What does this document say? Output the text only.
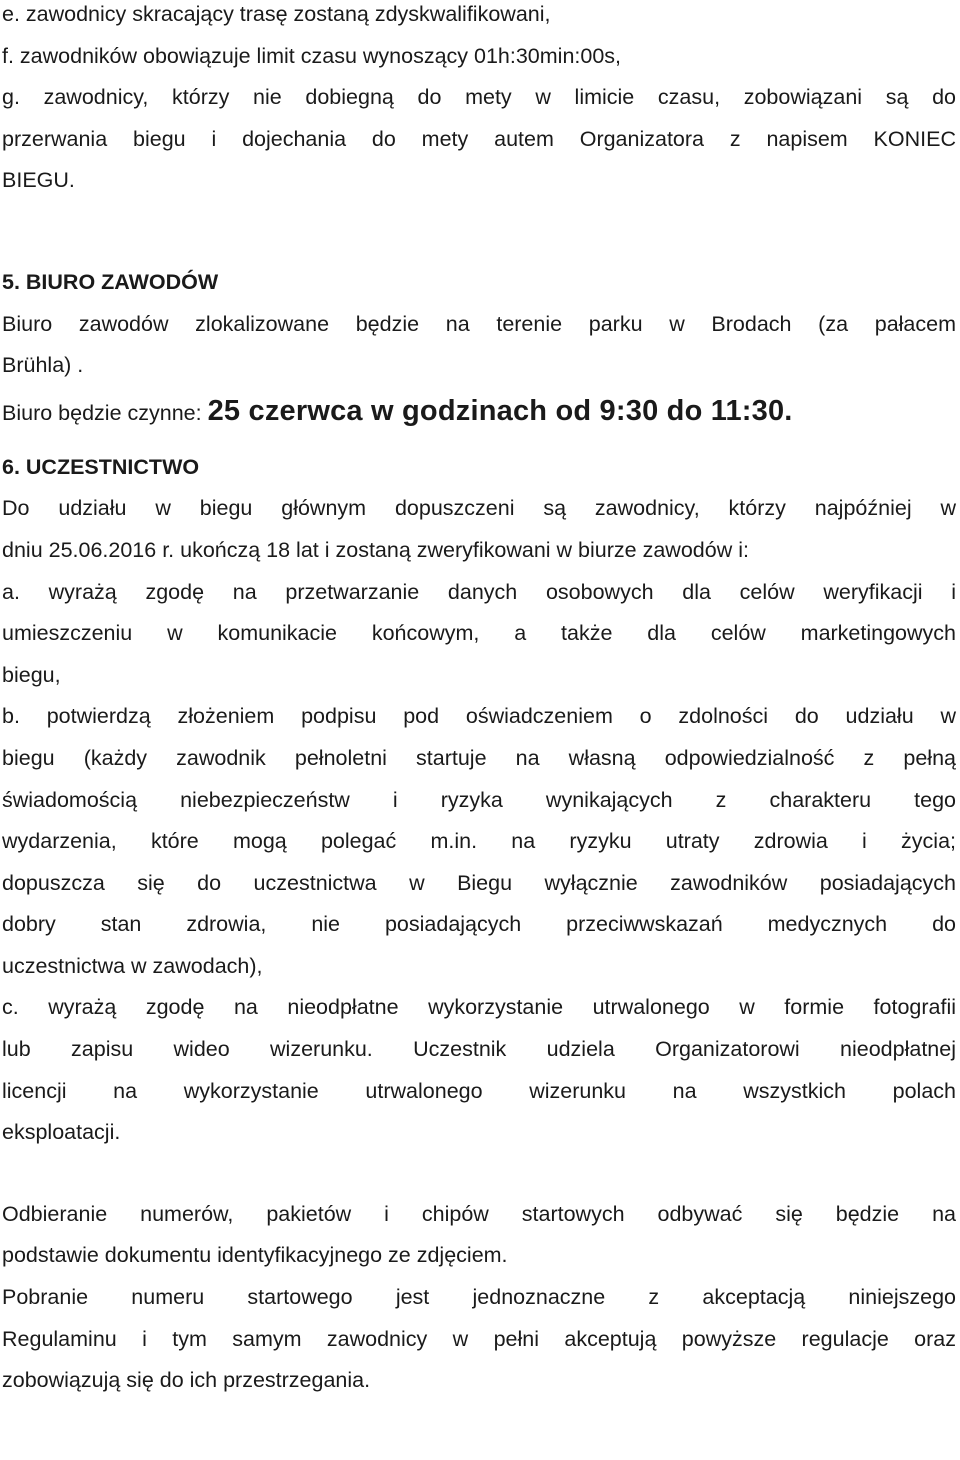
e. zawodnicy skracający trasę zostaną zdyskwalifikowani,

f. zawodników obowiązuje limit czasu wynoszący 01h:30min:00s,

g. zawodnicy, którzy nie dobiegną do mety w limicie czasu, zobowiązani są do

przerwania biegu i dojechania do mety autem Organizatora z napisem KONIEC

BIEGU.

5. BIURO ZAWODÓW

Biuro zawodów zlokalizowane będzie na terenie parku w Brodach (za pałacem

Brühla) .

Biuro będzie czynne: 25 czerwca w godzinach od 9:30 do 11:30.

6. UCZESTNICTWO

Do udziału w biegu głównym dopuszczeni są zawodnicy, którzy najpóźniej w

dniu 25.06.2016 r. ukończą 18 lat i zostaną zweryfikowani w biurze zawodów i:

a. wyrażą zgodę na przetwarzanie danych osobowych dla celów weryfikacji i

umieszczeniu w komunikacie końcowym, a także dla celów marketingowych

biegu,

b. potwierdzą złożeniem podpisu pod oświadczeniem o zdolności do udziału w

biegu (każdy zawodnik pełnoletni startuje na własną odpowiedzialność z pełną

świadomością niebezpieczeństw i ryzyka wynikających z charakteru tego

wydarzenia, które mogą polegać m.in. na ryzyku utraty zdrowia i życia;

dopuszcza się do uczestnictwa w Biegu wyłącznie zawodników posiadających

dobry stan zdrowia, nie posiadających przeciwwskazań medycznych do

uczestnictwa w zawodach),

c. wyrażą zgodę na nieodpłatne wykorzystanie utrwalonego w formie fotografii

lub zapisu wideo wizerunku. Uczestnik udziela Organizatorowi nieodpłatnej

licencji na wykorzystanie utrwalonego wizerunku na wszystkich polach

eksploatacji.

Odbieranie numerów, pakietów i chipów startowych odbywać się będzie na

podstawie dokumentu identyfikacyjnego ze zdjęciem.

Pobranie numeru startowego jest jednoznaczne z akceptacją niniejszego

Regulaminu i tym samym zawodnicy w pełni akceptują powyższe regulacje oraz

zobowiązują się do ich przestrzegania.
